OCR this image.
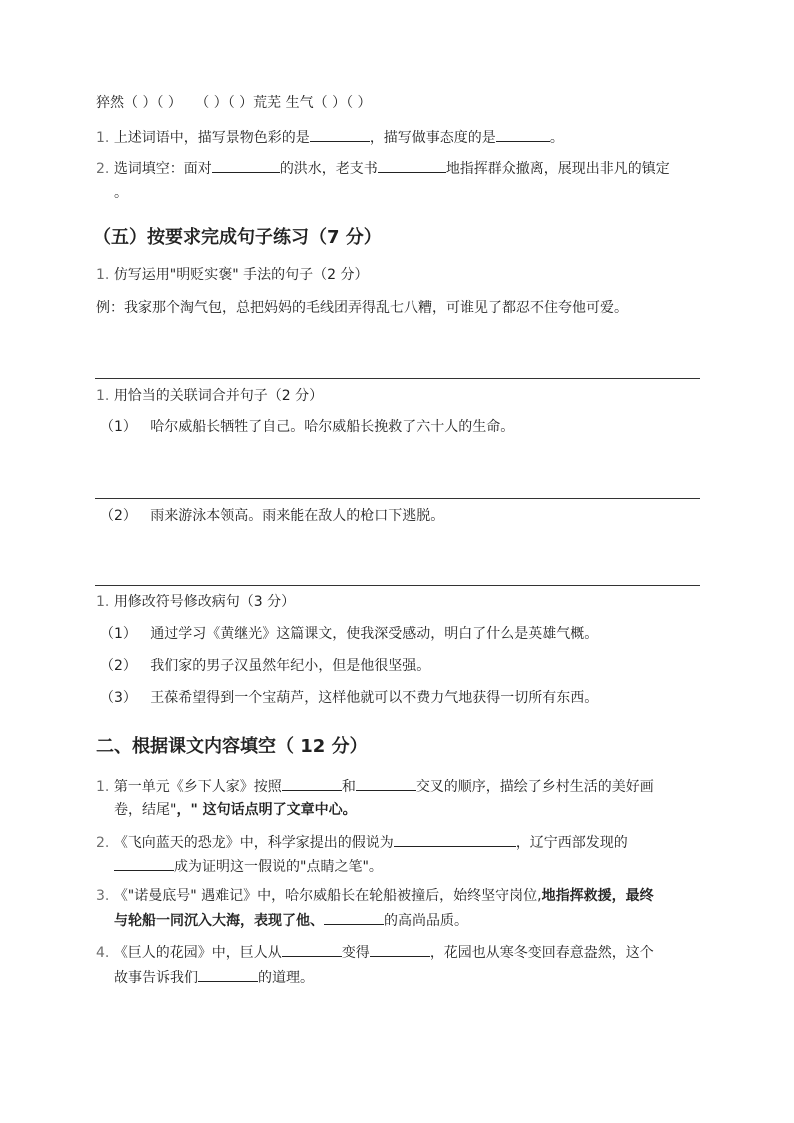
猝然（ ）（ ） （ ）（ ）荒芜 生气（ ）（ ）
1. 上述词语中，描写景物色彩的是	，描写做事态度的是	。
2. 选词填空：面对	的洪水，老支书	地指挥群众撤离，展现出非凡的镇定
。
（五）按要求完成句子练习（7 分）
1. 仿写运用"明贬实褒" 手法的句子（2 分）
例：我家那个淘气包，总把妈妈的毛线团弄得乱七八糟，可谁见了都忍不住夸他可爱。
1. 用恰当的关联词合并句子（2 分）
（1） 哈尔威船长牺牲了自己。哈尔威船长挽救了六十人的生命。
（2） 雨来游泳本领高。雨来能在敌人的枪口下逃脱。
1. 用修改符号修改病句（3 分）
（1） 通过学习《黄继光》这篇课文，使我深受感动，明白了什么是英雄气概。
（2） 我们家的男子汉虽然年纪小，但是他很坚强。
（3） 王葆希望得到一个宝葫芦，这样他就可以不费力气地获得一切所有东西。
二、根据课文内容填空（ 12 分）
1. 第一单元《乡下人家》按照	和	交叉的顺序，描绘了乡村生活的美好画
卷，结尾"，" 这句话点明了文章中心。
2. 《飞向蓝天的恐龙》中，科学家提出的假说为	，辽宁西部发现的
成为证明这一假说的"点睛之笔"。
3. 《"诺曼底号" 遇难记》中，哈尔威船长在轮船被撞后，始终坚守岗位,地指挥救援，最终
与轮船一同沉入大海，表现了他、	的高尚品质。
4. 《巨人的花园》中，巨人从	变得	，花园也从寒冬变回春意盎然，这个
故事告诉我们	的道理。
